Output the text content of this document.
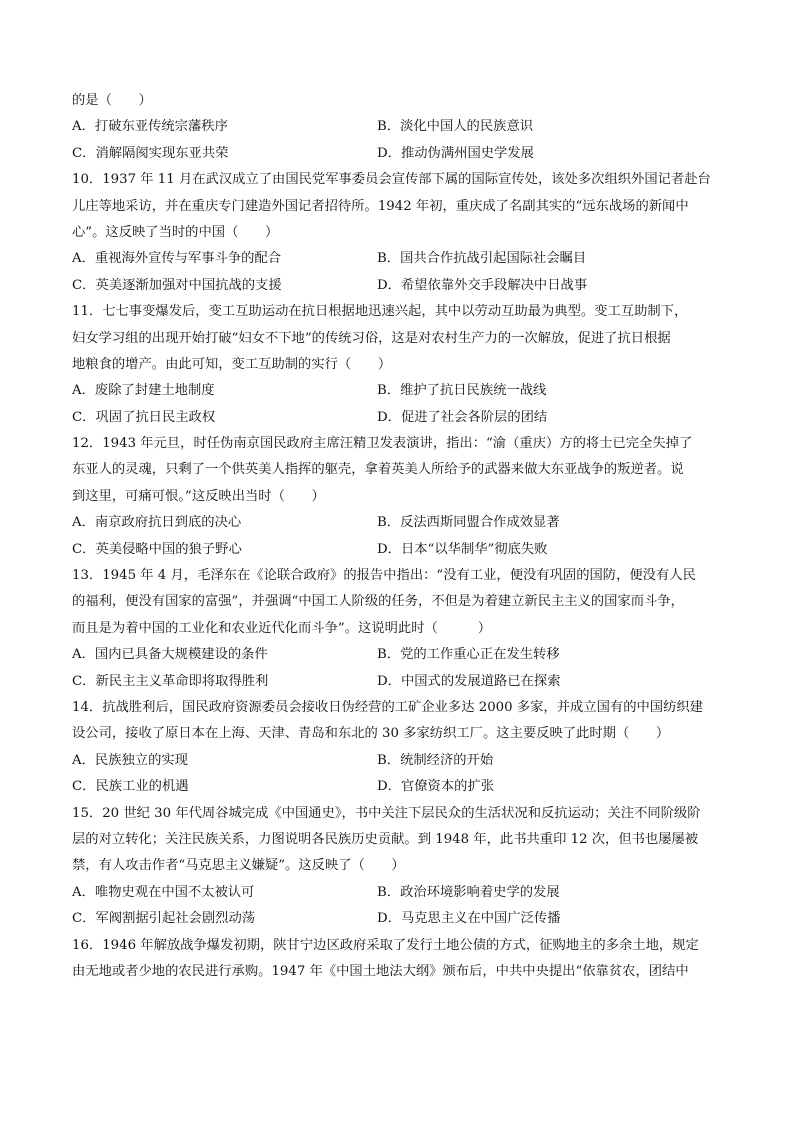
的是（　　）
A．打破东亚传统宗藩秩序	B．淡化中国人的民族意识
C．消解隔阂实现东亚共荣	D．推动伪满州国史学发展
10．1937 年 11 月在武汉成立了由国民党军事委员会宣传部下属的国际宣传处，该处多次组织外国记者赴台
儿庄等地采访，并在重庆专门建造外国记者招待所。1942 年初，重庆成了名副其实的“远东战场的新闻中
心”。这反映了当时的中国（　　）
A．重视海外宣传与军事斗争的配合	B．国共合作抗战引起国际社会瞩目
C．英美逐渐加强对中国抗战的支援	D．希望依靠外交手段解决中日战事
11．七七事变爆发后，变工互助运动在抗日根据地迅速兴起，其中以劳动互助最为典型。变工互助制下，
妇女学习组的出现开始打破“妇女不下地”的传统习俗，这是对农村生产力的一次解放，促进了抗日根据
地粮食的增产。由此可知，变工互助制的实行（　　）
A．废除了封建土地制度	B．维护了抗日民族统一战线
C．巩固了抗日民主政权	D．促进了社会各阶层的团结
12．1943 年元旦，时任伪南京国民政府主席汪精卫发表演讲，指出：“渝（重庆）方的将士已完全失掉了
东亚人的灵魂，只剩了一个供英美人指挥的躯壳，拿着英美人所给予的武器来做大东亚战争的叛逆者。说
到这里，可痛可恨。”这反映出当时（　　）
A．南京政府抗日到底的决心	B．反法西斯同盟合作成效显著
C．英美侵略中国的狼子野心	D．日本“以华制华”彻底失败
13．1945 年 4 月，毛泽东在《论联合政府》的报告中指出：“没有工业，便没有巩固的国防，便没有人民
的福利，便没有国家的富强”，并强调“中国工人阶级的任务，不但是为着建立新民主主义的国家而斗争，
而且是为着中国的工业化和农业近代化而斗争”。这说明此时（　　　）
A．国内已具备大规模建设的条件	B．党的工作重心正在发生转移
C．新民主主义革命即将取得胜利	D．中国式的发展道路已在探索
14．抗战胜利后，国民政府资源委员会接收日伪经营的工矿企业多达 2000 多家，并成立国有的中国纺织建
设公司，接收了原日本在上海、天津、青岛和东北的 30 多家纺织工厂。这主要反映了此时期（　　）
A．民族独立的实现	B．统制经济的开始
C．民族工业的机遇	D．官僚资本的扩张
15．20 世纪 30 年代周谷城完成《中国通史》，书中关注下层民众的生活状况和反抗运动；关注不同阶级阶
层的对立转化；关注民族关系，力图说明各民族历史贡献。到 1948 年，此书共重印 12 次，但书也屡屡被
禁，有人攻击作者“马克思主义嫌疑”。这反映了（　　）
A．唯物史观在中国不太被认可	B．政治环境影响着史学的发展
C．军阀割据引起社会剧烈动荡	D．马克思主义在中国广泛传播
16．1946 年解放战争爆发初期，陕甘宁边区政府采取了发行土地公债的方式，征购地主的多余土地，规定
由无地或者少地的农民进行承购。1947 年《中国土地法大纲》颁布后，中共中央提出“依靠贫农，团结中
